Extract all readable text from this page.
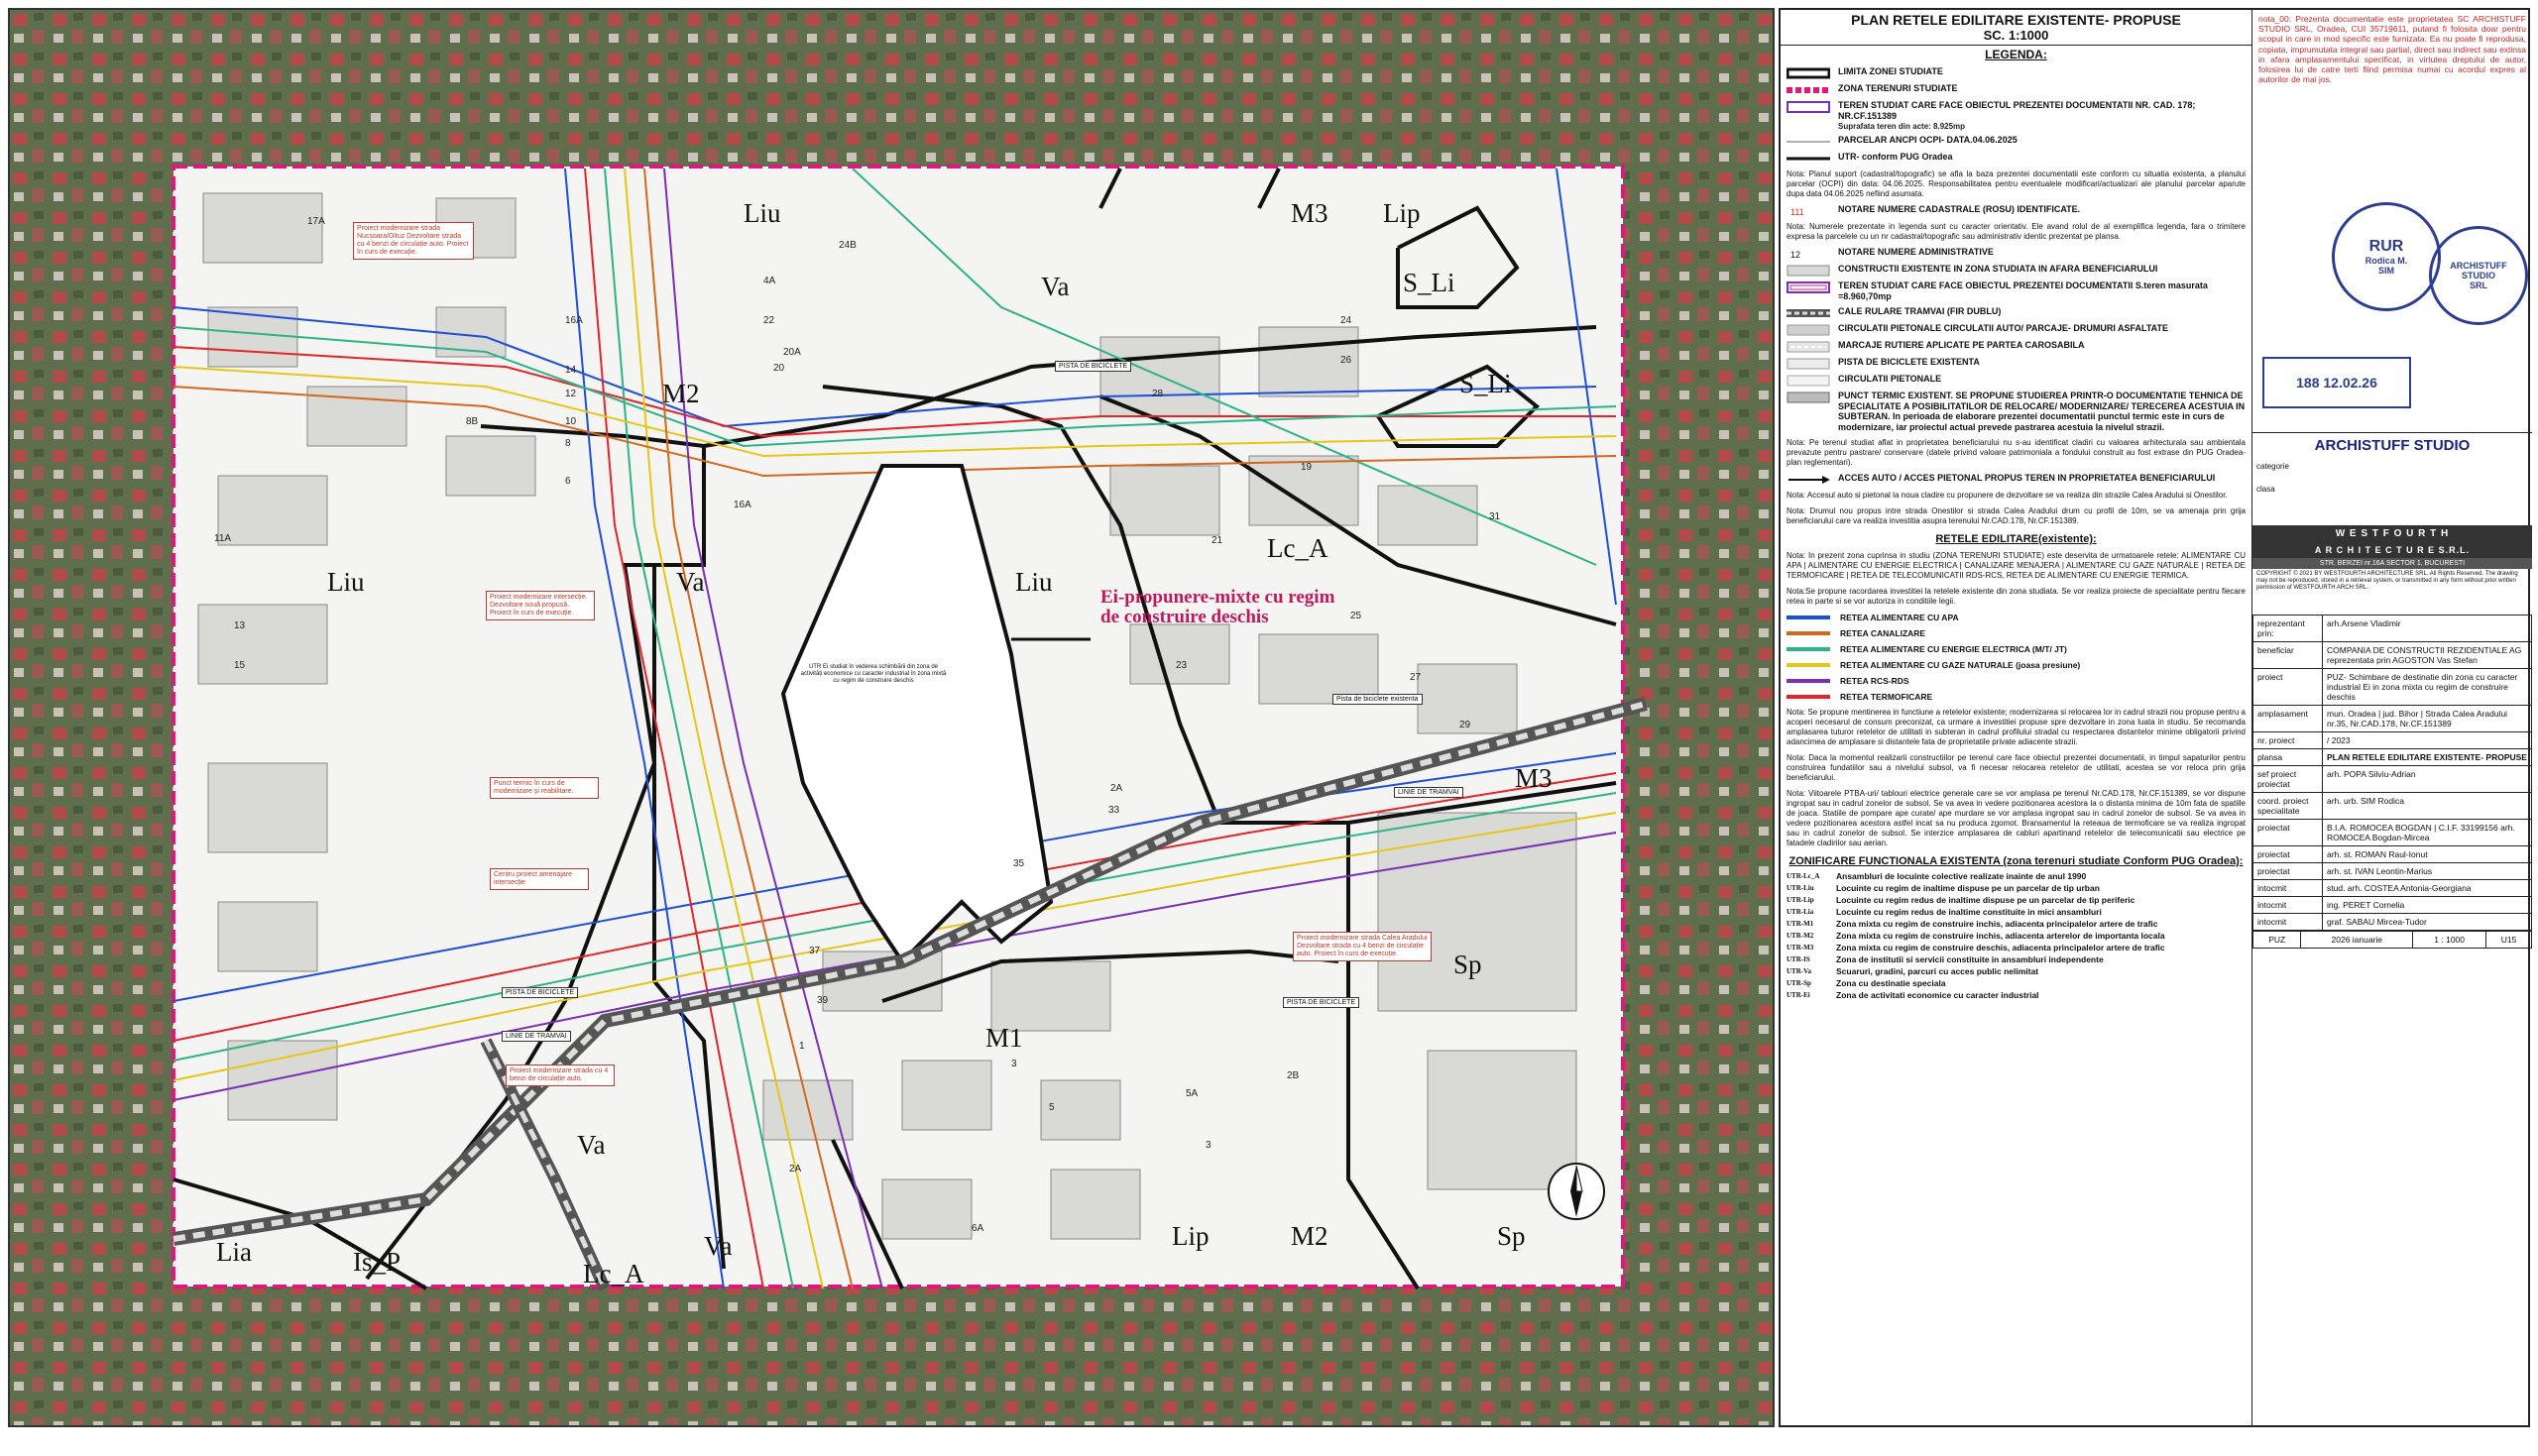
Liu	M3 Lip
Va	S_Li
M2	S_Li
Liu	Va	Liu
Lc_A
M3
Sp
M1
Va
Lia	Is_P	Lc_A
Va	Lip	M2	Sp
17A
22
24B
4A
20A
20
16A
14
12
10
8B
8
6
16A
11A
13
15
28
24
26
19
21
25
27
29
31
23
2A
33
35
37
39
1
3
5
2A
6A
2B
5A
3
Proiect modernizare strada Nucșoara/Oituz Dezvoltare strada cu 4 benzi de circulație auto. Proiect în curs de execuție.
Proiect modernizare intersecție. Dezvoltare nouă propusă. Proiect în curs de execuție.
Punct termic în curs de modernizare și reabilitare.
Centru proiect amenajare intersecție
Proiect modernizare strada Calea Aradului Dezvoltare strada cu 4 benzi de circulație auto. Proiect în curs de execuție.
Proiect modernizare strada cu 4 benzi de circulație auto.
PISTA DE BICICLETE
PISTA DE BICICLETE
PISTA DE BICICLETE
LINIE DE TRAMVAI
LINIE DE TRAMVAI
Pista de biciclete existenta
Ei-propunere-mixte cu regim
de construire deschis
UTR Ei studiat în vederea schimbării din zona de activități economice cu caracter industrial în zona mixtă cu regim de construire deschis
PLAN RETELE EDILITARE EXISTENTE- PROPUSE
SC. 1:1000
LEGENDA:
LIMITA ZONEI STUDIATE
ZONA TERENURI STUDIATE
TEREN STUDIAT CARE FACE OBIECTUL PREZENTEI DOCUMENTATII NR. CAD. 178; NR.CF.151389
Suprafata teren din acte: 8.925mp
PARCELAR ANCPI OCPI- DATA.04.06.2025
UTR- conform PUG Oradea
Nota: Planul suport (cadastral/topografic) se afla la baza prezentei documentatii este conform cu situatia existenta, a planului parcelar (OCPI) din data: 04.06.2025. Responsabilitatea pentru eventualele modificari/actualizari ale planului parcelar aparute dupa data 04.06.2025 nefiind asumata.
111	NOTARE NUMERE CADASTRALE (ROSU) IDENTIFICATE.
Nota: Numerele prezentate in legenda sunt cu caracter orientativ. Ele avand rolul de al exemplifica legenda, fara o trimitere expresa la parcelele cu un nr cadastral/topografic sau administrativ identic prezentat pe plansa.
12	NOTARE NUMERE ADMINISTRATIVE
CONSTRUCTII EXISTENTE IN ZONA STUDIATA IN AFARA BENEFICIARULUI
TEREN STUDIAT CARE FACE OBIECTUL PREZENTEI DOCUMENTATII S.teren masurata =8.960,70mp
CALE RULARE TRAMVAI (FIR DUBLU)
CIRCULATII PIETONALE CIRCULATII AUTO/ PARCAJE- DRUMURI ASFALTATE
MARCAJE RUTIERE APLICATE PE PARTEA CAROSABILA
PISTA DE BICICLETE EXISTENTA
CIRCULATII PIETONALE
PUNCT TERMIC EXISTENT. SE PROPUNE STUDIEREA PRINTR-O DOCUMENTATIE TEHNICA DE SPECIALITATE A POSIBILITATILOR DE RELOCARE/ MODERNIZARE/ TERECEREA ACESTUIA IN SUBTERAN. In perioada de elaborare prezentei documentatii punctul termic este in curs de modernizare, iar proiectul actual prevede pastrarea acestuia la nivelul strazii.
Nota: Pe terenul studiat aflat in proprietatea beneficiarului nu s-au identificat cladiri cu valoarea arhitecturala sau ambientala prevazute pentru pastrare/ conservare (datele privind valoare patrimoniala a fondului construit au fost extrase din PUG Oradea- plan reglementari).
ACCES AUTO / ACCES PIETONAL PROPUS TEREN IN PROPRIETATEA BENEFICIARULUI
Nota: Accesul auto si pietonal la noua cladire cu propunere de dezvoltare se va realiza din strazile Calea Aradului si Onestilor.
Nota: Drumul nou propus intre strada Onestilor si strada Calea Aradului drum cu profil de 10m, se va amenaja prin grija beneficiarului care va realiza investitia asupra terenului Nr.CAD.178, Nr.CF.151389.
RETELE EDILITARE(existente):
Nota: In prezent zona cuprinsa in studiu (ZONA TERENURI STUDIATE) este deservita de urmatoarele retele: ALIMENTARE CU APA | ALIMENTARE CU ENERGIE ELECTRICA | CANALIZARE MENAJERA | ALIMENTARE CU GAZE NATURALE | RETEA DE TERMOFICARE | RETEA DE TELECOMUNICATII RDS-RCS, RETEA DE ALIMENTARE CU ENERGIE TERMICA.
Nota:Se propune racordarea investitiei la retelele existente din zona studiata. Se vor realiza proiecte de specialitate pentru fiecare retea in parte si se vor autoriza in conditiile legii.
RETEA ALIMENTARE CU APA
RETEA CANALIZARE
RETEA ALIMENTARE CU ENERGIE ELECTRICA (M/T/ JT)
RETEA ALIMENTARE CU GAZE NATURALE (joasa presiune)
RETEA RCS-RDS
RETEA TERMOFICARE
Nota: Se propune mentinerea in functiune a retelelor existente; modernizarea si relocarea lor in cadrul strazii nou propuse pentru a acoperi necesarul de consum preconizat, ca urmare a investitiei propuse spre dezvoltare in zona luata in studiu. Se recomanda amplasarea tuturor retelelor de utilitati in subteran in cadrul profilului stradal cu respectarea distantelor minime obligatorii privind adancimea de amplasare si distantele fata de proprietatile private adiacente strazii.
Nota: Daca la momentul realizarii constructiilor pe terenul care face obiectul prezentei documentatii, in timpul sapaturilor pentru construirea fundatiilor sau a nivelului subsol, va fi necesar relocarea retelelor de utilitati, acestea se vor reloca prin grija beneficiarului.
Nota: Viitoarele PTBA-uri/ tablouri electrice generale care se vor amplasa pe terenul Nr.CAD.178, Nr.CF.151389, se vor dispune ingropat sau in cadrul zonelor de subsol. Se va avea in vedere pozitionarea acestora la o distanta minima de 10m fata de spatiile de joaca. Statiile de pompare ape curate/ ape murdare se vor amplasa ingropat sau in cadrul zonelor de subsol. Se va avea in vedere pozitionarea acestora astfel incat sa nu produca zgomot. Bransamentul la reteaua de termoficare se va realiza ingropat sau in cadrul zonelor de subsol. Se interzice amplasarea de cabluri apartinand retelelor de telecomunicatii sau electrice pe fatadele cladirilor sau aerian.
ZONIFICARE FUNCTIONALA EXISTENTA (zona terenuri studiate Conform PUG Oradea):
UTR-Lc_A	Ansambluri de locuinte colective realizate inainte de anul 1990
UTR-Liu	Locuinte cu regim de inaltime dispuse pe un parcelar de tip urban
UTR-Lip	Locuinte cu regim redus de inaltime dispuse pe un parcelar de tip periferic
UTR-Lia	Locuinte cu regim redus de inaltime constituite in mici ansambluri
UTR-M1	Zona mixta cu regim de construire inchis, adiacenta principalelor artere de trafic
UTR-M2	Zona mixta cu regim de construire inchis, adiacenta arterelor de importanta locala
UTR-M3	Zona mixta cu regim de construire deschis, adiacenta principalelor artere de trafic
UTR-IS	Zona de institutii si servicii constituite in ansambluri independente
UTR-Va	Scuaruri, gradini, parcuri cu acces public nelimitat
UTR-Sp	Zona cu destinatie speciala
UTR-Ei	Zona de activitati economice cu caracter industrial
nota_00: Prezenta documentatie este proprietatea SC ARCHISTUFF STUDIO SRL, Oradea, CUI 35719611, putand fi folosita doar pentru scopul in care in mod specific este furnizata. Ea nu poate fi reprodusa, copiata, imprumutata integral sau partial, direct sau indirect sau extinsa in afara amplasamentului specificat, in virtutea dreptului de autor, folosirea lui de catre terti fiind permisa numai cu acordul expres al autorilor de mai jos.
RUR
Rodica M.
SIM	ARCHISTUFF
STUDIO
SRL
188 12.02.26
ARCHISTUFF STUDIO
categorie
clasa
W E S T F O U R T H
A R C H I T E C T U R E S.R.L.
STR. BERZEI nr.16A SECTOR 1, BUCURESTI
COPYRIGHT © 2021 BY WESTFOURTH ARCHITECTURE SRL. All Rights Reserved. The drawing may not be reproduced, stored in a retrieval system, or transmitted in any form without prior written permission of WESTFOURTH ARCH SRL.
reprezentant prin:	arh.Arsene Vladimir
beneficiar	COMPANIA DE CONSTRUCTII REZIDENTIALE AG reprezentata prin AGOSTON Vas Stefan
proiect	PUZ- Schimbare de destinatie din zona cu caracter industrial Ei in zona mixta cu regim de construire deschis
amplasament	mun. Oradea | jud. Bihor | Strada Calea Aradului nr.35, Nr.CAD.178, Nr.CF.151389
nr. proiect	/ 2023
plansa	PLAN RETELE EDILITARE EXISTENTE- PROPUSE
sef proiect proiectat	arh. POPA Silviu-Adrian
coord. proiect specialitate	arh. urb. SIM Rodica
proiectat	B.I.A. ROMOCEA BOGDAN | C.I.F. 33199156 arh. ROMOCEA Bogdan-Mircea
proiectat	arh. st. ROMAN Raul-Ionut
proiectat	arh. st. IVAN Leontin-Marius
intocmit	stud. arh. COSTEA Antonia-Georgiana
intocmit	ing. PERET Cornelia
intocmit	graf. SABAU Mircea-Tudor
PUZ	2026 ianuarie	1 : 1000	U15
